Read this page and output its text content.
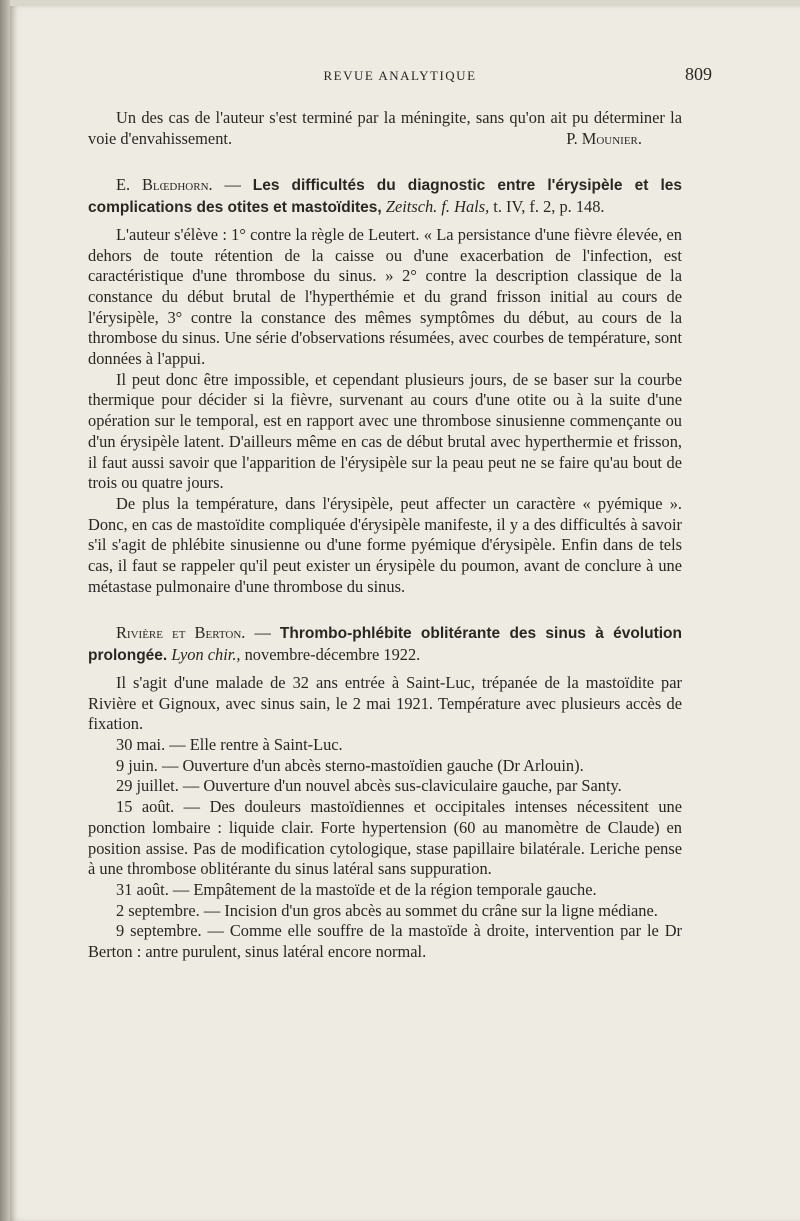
REVUE ANALYTIQUE	809

Un des cas de l'auteur s'est terminé par la méningite, sans qu'on ait pu déterminer la voie d'envahissement.	P. Mounier.

E. Blœdhorn. — Les difficultés du diagnostic entre l'érysipèle et les complications des otites et mastoïdites, Zeitsch. f. Hals, t. IV, f. 2, p. 148.

L'auteur s'élève : 1° contre la règle de Leutert. « La persistance d'une fièvre élevée, en dehors de toute rétention de la caisse ou d'une exacerbation de l'infection, est caractéristique d'une thrombose du sinus. » 2° contre la description classique de la constance du début brutal de l'hyperthémie et du grand frisson initial au cours de l'érysipèle, 3° contre la constance des mêmes symptômes du début, au cours de la thrombose du sinus. Une série d'observations résumées, avec courbes de température, sont données à l'appui.

Il peut donc être impossible, et cependant plusieurs jours, de se baser sur la courbe thermique pour décider si la fièvre, survenant au cours d'une otite ou à la suite d'une opération sur le temporal, est en rapport avec une thrombose sinusienne commençante ou d'un érysipèle latent. D'ailleurs même en cas de début brutal avec hyperthermie et frisson, il faut aussi savoir que l'apparition de l'érysipèle sur la peau peut ne se faire qu'au bout de trois ou quatre jours.

De plus la température, dans l'érysipèle, peut affecter un caractère « pyémique ». Donc, en cas de mastoïdite compliquée d'érysipèle manifeste, il y a des difficultés à savoir s'il s'agit de phlébite sinusienne ou d'une forme pyémique d'érysipèle. Enfin dans de tels cas, il faut se rappeler qu'il peut exister un érysipèle du poumon, avant de conclure à une métastase pulmonaire d'une thrombose du sinus.

Rivière et Berton. — Thrombo-phlébite oblitérante des sinus à évolution prolongée. Lyon chir., novembre-décembre 1922.

Il s'agit d'une malade de 32 ans entrée à Saint-Luc, trépanée de la mastoïdite par Rivière et Gignoux, avec sinus sain, le 2 mai 1921. Température avec plusieurs accès de fixation.

30 mai. — Elle rentre à Saint-Luc.

9 juin. — Ouverture d'un abcès sterno-mastoïdien gauche (Dr Arlouin).

29 juillet. — Ouverture d'un nouvel abcès sus-claviculaire gauche, par Santy.

15 août. — Des douleurs mastoïdiennes et occipitales intenses nécessitent une ponction lombaire : liquide clair. Forte hypertension (60 au manomètre de Claude) en position assise. Pas de modification cytologique, stase papillaire bilatérale. Leriche pense à une thrombose oblitérante du sinus latéral sans suppuration.

31 août. — Empâtement de la mastoïde et de la région temporale gauche.

2 septembre. — Incision d'un gros abcès au sommet du crâne sur la ligne médiane.

9 septembre. — Comme elle souffre de la mastoïde à droite, intervention par le Dr Berton : antre purulent, sinus latéral encore normal.
